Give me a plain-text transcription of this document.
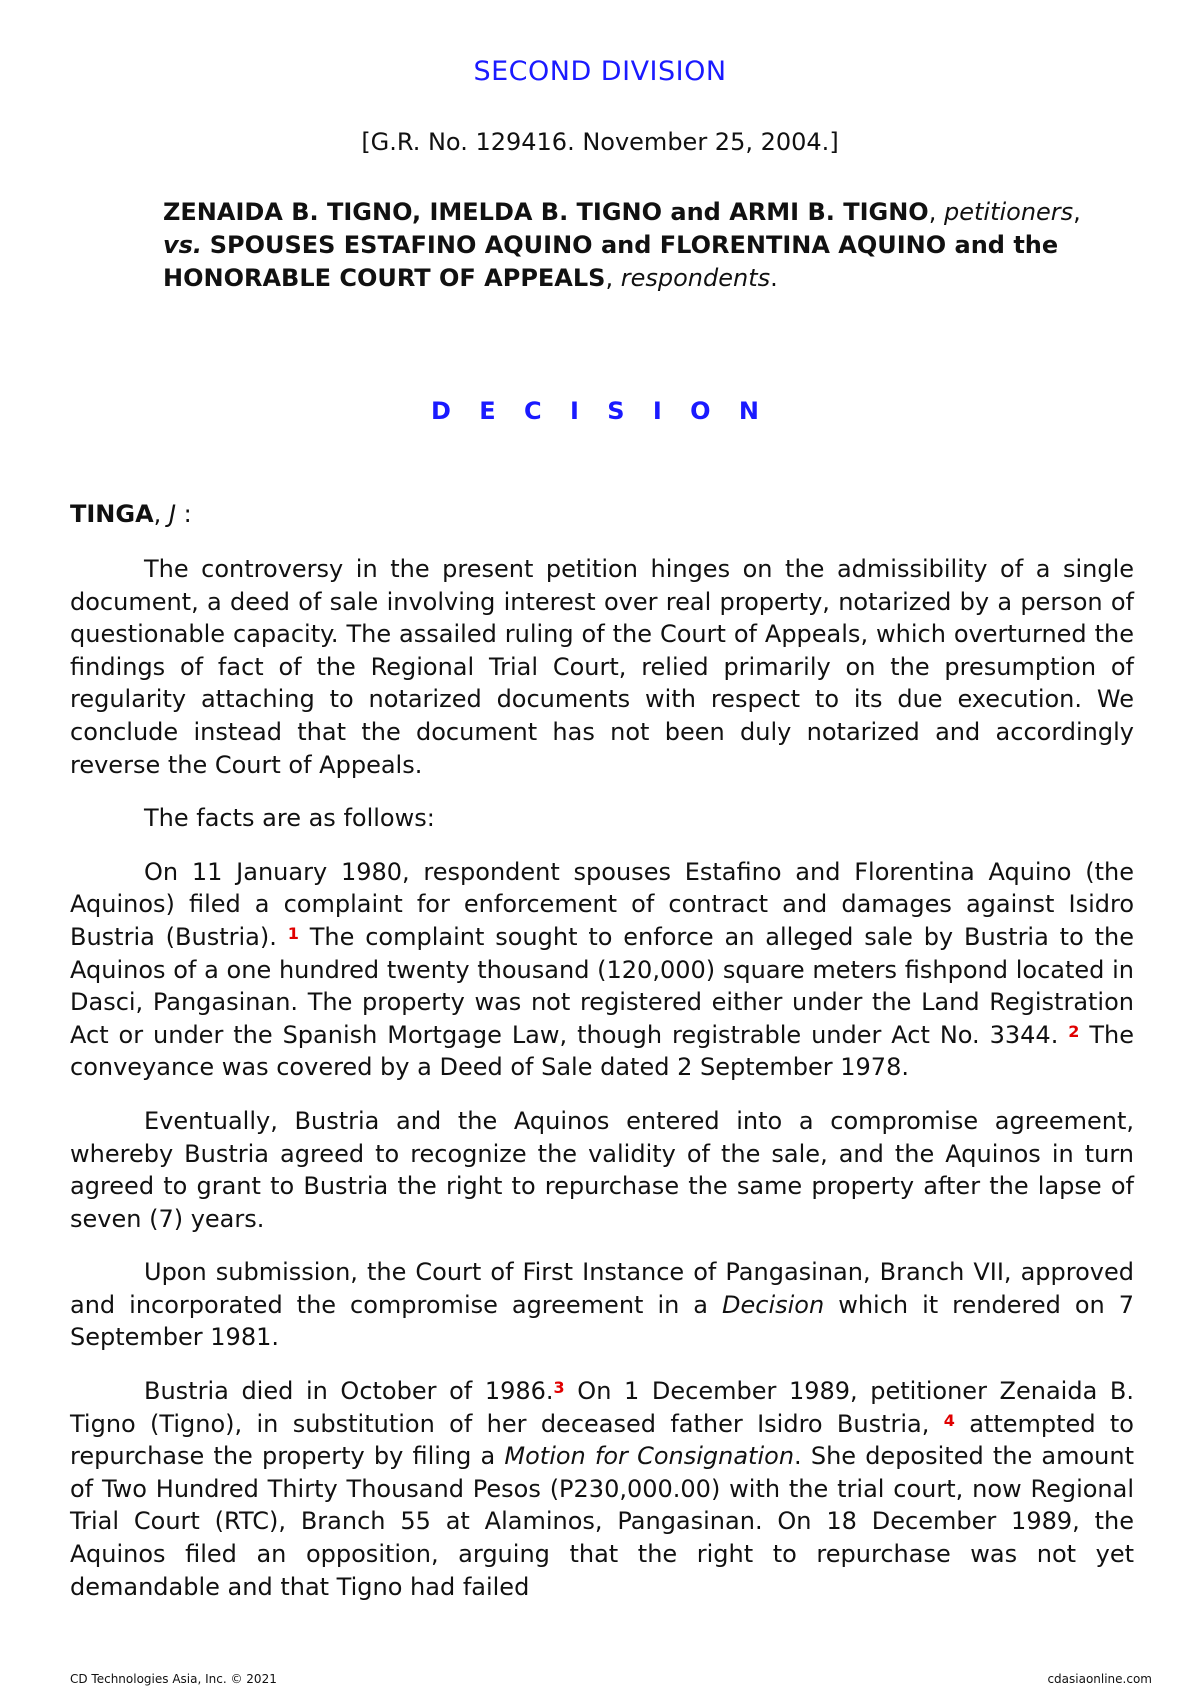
SECOND DIVISION
[G.R. No. 129416. November 25, 2004.]
ZENAIDA B. TIGNO, IMELDA B. TIGNO and ARMI B. TIGNO, petitioners, vs. SPOUSES ESTAFINO AQUINO and FLORENTINA AQUINO and the HONORABLE COURT OF APPEALS, respondents.
D E C I S I O N
TINGA, J :

The controversy in the present petition hinges on the admissibility of a single document, a deed of sale involving interest over real property, notarized by a person of questionable capacity. The assailed ruling of the Court of Appeals, which overturned the findings of fact of the Regional Trial Court, relied primarily on the presumption of regularity attaching to notarized documents with respect to its due execution. We conclude instead that the document has not been duly notarized and accordingly reverse the Court of Appeals.

The facts are as follows:

On 11 January 1980, respondent spouses Estafino and Florentina Aquino (the Aquinos) filed a complaint for enforcement of contract and damages against Isidro Bustria (Bustria). $^1$ The complaint sought to enforce an alleged sale by Bustria to the Aquinos of a one hundred twenty thousand (120,000) square meters fishpond located in Dasci, Pangasinan. The property was not registered either under the Land Registration Act or under the Spanish Mortgage Law, though registrable under Act No. 3344. $^2$ The conveyance was covered by a Deed of Sale dated 2 September 1978.

Eventually, Bustria and the Aquinos entered into a compromise agreement, whereby Bustria agreed to recognize the validity of the sale, and the Aquinos in turn agreed to grant to Bustria the right to repurchase the same property after the lapse of seven (7) years.

Upon submission, the Court of First Instance of Pangasinan, Branch VII, approved and incorporated the compromise agreement in a Decision which it rendered on 7 September 1981.

Bustria died in October of 1986.$^3$ On 1 December 1989, petitioner Zenaida B. Tigno (Tigno), in substitution of her deceased father Isidro Bustria, $^4$ attempted to repurchase the property by filing a Motion for Consignation. She deposited the amount of Two Hundred Thirty Thousand Pesos (P230,000.00) with the trial court, now Regional Trial Court (RTC), Branch 55 at Alaminos, Pangasinan. On 18 December 1989, the Aquinos filed an opposition, arguing that the right to repurchase was not yet demandable and that Tigno had failed

CD Technologies Asia, Inc. © 2021	cdasiaonline.com
